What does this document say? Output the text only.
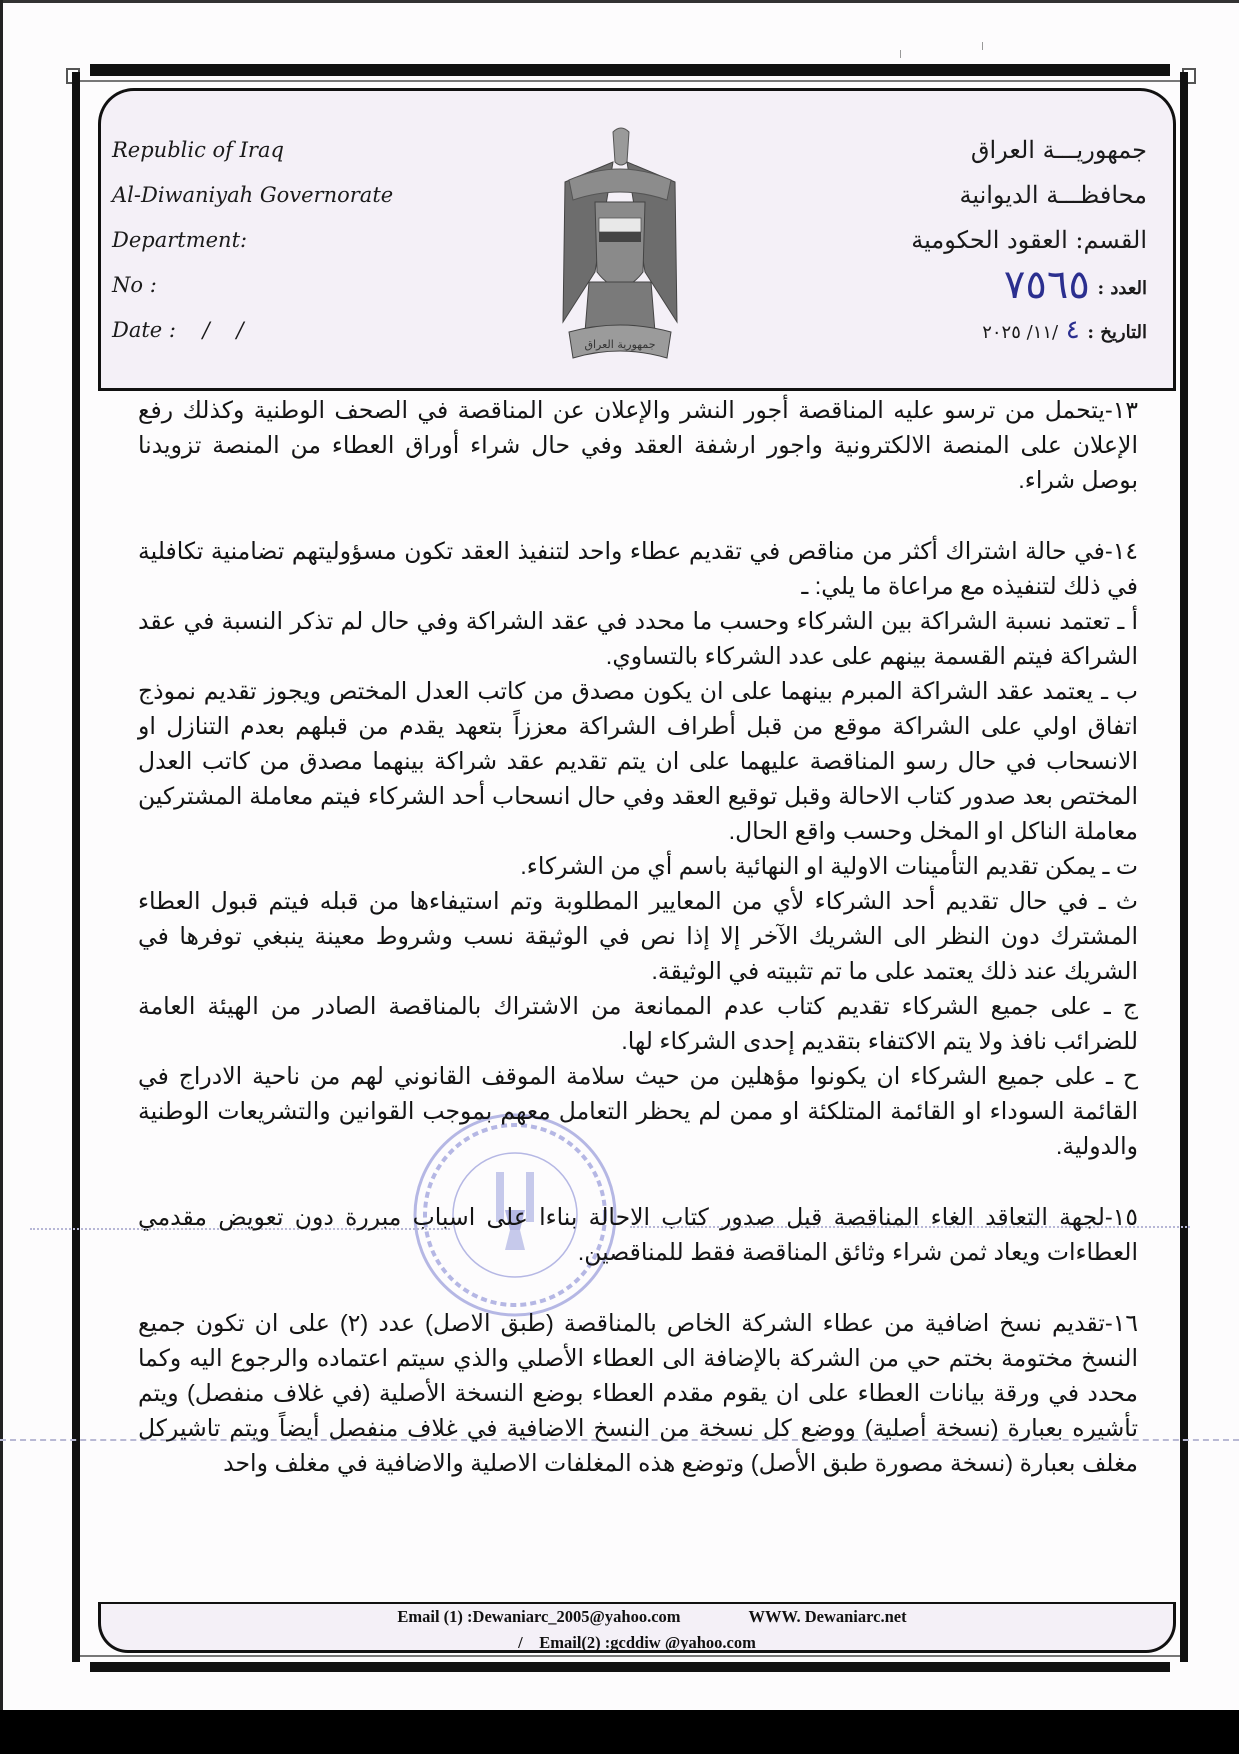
Republic of Iraq
Al-Diwaniyah Governorate
Department:
No :
Date :    /    /
جمهورية العراق
جمهوريـــة العراق
محافظـــة الديوانية
القسم: العقود الحكومية
العدد : ٧٥٦٥
التاريخ : ٤ /١١/ ٢٠٢٥

١٣-يتحمل من ترسو عليه المناقصة أجور النشر والإعلان عن المناقصة في الصحف الوطنية وكذلك رفع الإعلان على المنصة الالكترونية واجور ارشفة العقد وفي حال شراء أوراق العطاء من المنصة تزويدنا بوصل شراء.

١٤-في حالة اشتراك أكثر من مناقص في تقديم عطاء واحد لتنفيذ العقد تكون مسؤوليتهم تضامنية تكافلية في ذلك لتنفيذه مع مراعاة ما يلي: ـ

أ ـ تعتمد نسبة الشراكة بين الشركاء وحسب ما محدد في عقد الشراكة وفي حال لم تذكر النسبة في عقد الشراكة فيتم القسمة بينهم على عدد الشركاء بالتساوي.

ب ـ يعتمد عقد الشراكة المبرم بينهما على ان يكون مصدق من كاتب العدل المختص ويجوز تقديم نموذج اتفاق اولي على الشراكة موقع من قبل أطراف الشراكة معززاً بتعهد يقدم من قبلهم بعدم التنازل او الانسحاب في حال رسو المناقصة عليهما على ان يتم تقديم عقد شراكة بينهما مصدق من كاتب العدل المختص بعد صدور كتاب الاحالة وقبل توقيع العقد وفي حال انسحاب أحد الشركاء فيتم معاملة المشتركين معاملة الناكل او المخل وحسب واقع الحال.

ت ـ يمكن تقديم التأمينات الاولية او النهائية باسم أي من الشركاء.

ث ـ في حال تقديم أحد الشركاء لأي من المعايير المطلوبة وتم استيفاءها من قبله فيتم قبول العطاء المشترك دون النظر الى الشريك الآخر إلا إذا نص في الوثيقة نسب وشروط معينة ينبغي توفرها في الشريك عند ذلك يعتمد على ما تم تثبيته في الوثيقة.

ج ـ على جميع الشركاء تقديم كتاب عدم الممانعة من الاشتراك بالمناقصة الصادر من الهيئة العامة للضرائب نافذ ولا يتم الاكتفاء بتقديم إحدى الشركاء لها.

ح ـ على جميع الشركاء ان يكونوا مؤهلين من حيث سلامة الموقف القانوني لهم من ناحية الادراج في القائمة السوداء او القائمة المتلكئة او ممن لم يحظر التعامل معهم بموجب القوانين والتشريعات الوطنية والدولية.

١٥-لجهة التعاقد الغاء المناقصة قبل صدور كتاب الاحالة بناءا على اسباب مبررة دون تعويض مقدمي العطاءات ويعاد ثمن شراء وثائق المناقصة فقط للمناقصين.

١٦-تقديم نسخ اضافية من عطاء الشركة الخاص بالمناقصة (طبق الاصل) عدد (٢) على ان تكون جميع النسخ مختومة بختم حي من الشركة بالإضافة الى العطاء الأصلي والذي سيتم اعتماده والرجوع اليه وكما محدد في ورقة بيانات العطاء على ان يقوم مقدم العطاء بوضع النسخة الأصلية (في غلاف منفصل) ويتم تأشيره بعبارة (نسخة أصلية) ووضع كل نسخة من النسخ الاضافية في غلاف منفصل أيضاً ويتم تاشيركل مغلف بعبارة (نسخة مصورة طبق الأصل) وتوضع هذه المغلفات الاصلية والاضافية في مغلف واحد

Email (1) :Dewaniarc_2005@yahoo.com	WWW. Dewaniarc.net
/ Email(2) :gcddiw @yahoo.com
